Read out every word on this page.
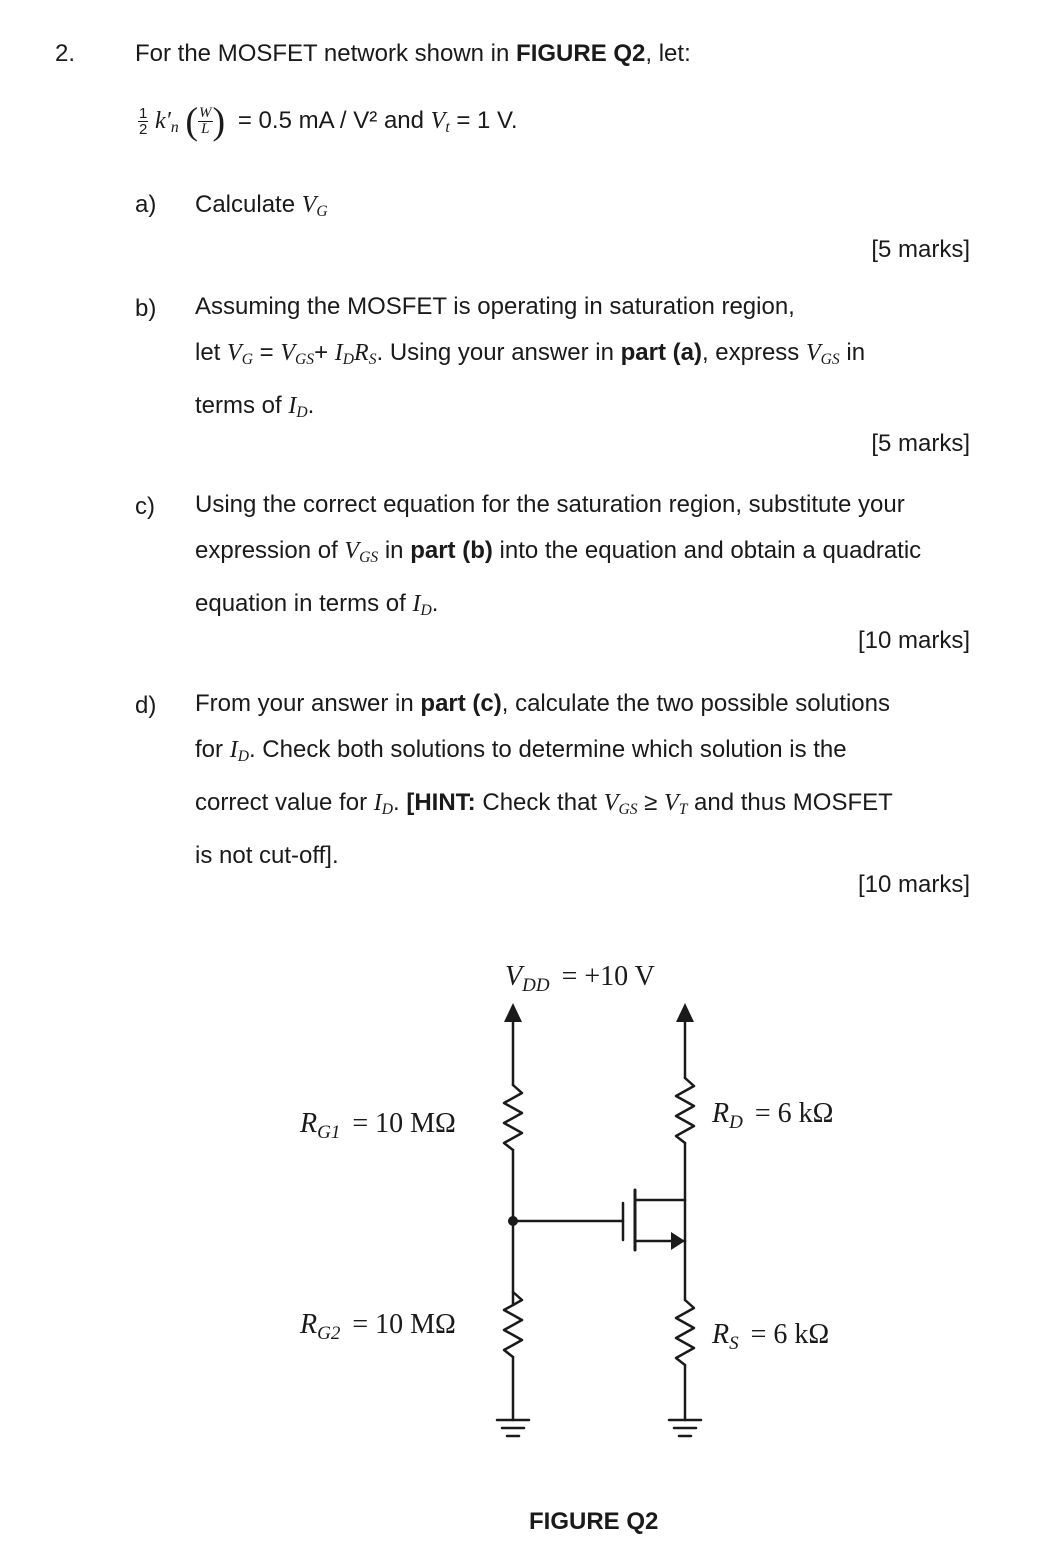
2. For the MOSFET network shown in FIGURE Q2, let:
$\frac{1}{2} k'_n$ ( $\frac{W}{L}$ ) = 0.5 mA / V² and $V_t = 1$ V.
a) Calculate $V_G$
[5 marks]
b) Assuming the MOSFET is operating in saturation region,
let $V_G = V_{GS}+ I_DR_S$. Using your answer in part (a), express $V_{GS}$ in
terms of $I_D$.
[5 marks]
c) Using the correct equation for the saturation region, substitute your
expression of $V_{GS}$ in part (b) into the equation and obtain a quadratic
equation in terms of $I_D$.
[10 marks]
d) From your answer in part (c), calculate the two possible solutions
for $I_D$. Check both solutions to determine which solution is the
correct value for $I_D$. [HINT: Check that $V_{GS} \ge V_T$ and thus MOSFET
is not cut-off].
[10 marks]
$V_{DD} = +10$ V
$R_{G1} = 10$ MΩ
$R_{G2} = 10$ MΩ
$R_D = 6$ kΩ
$R_S = 6$ kΩ
FIGURE Q2
